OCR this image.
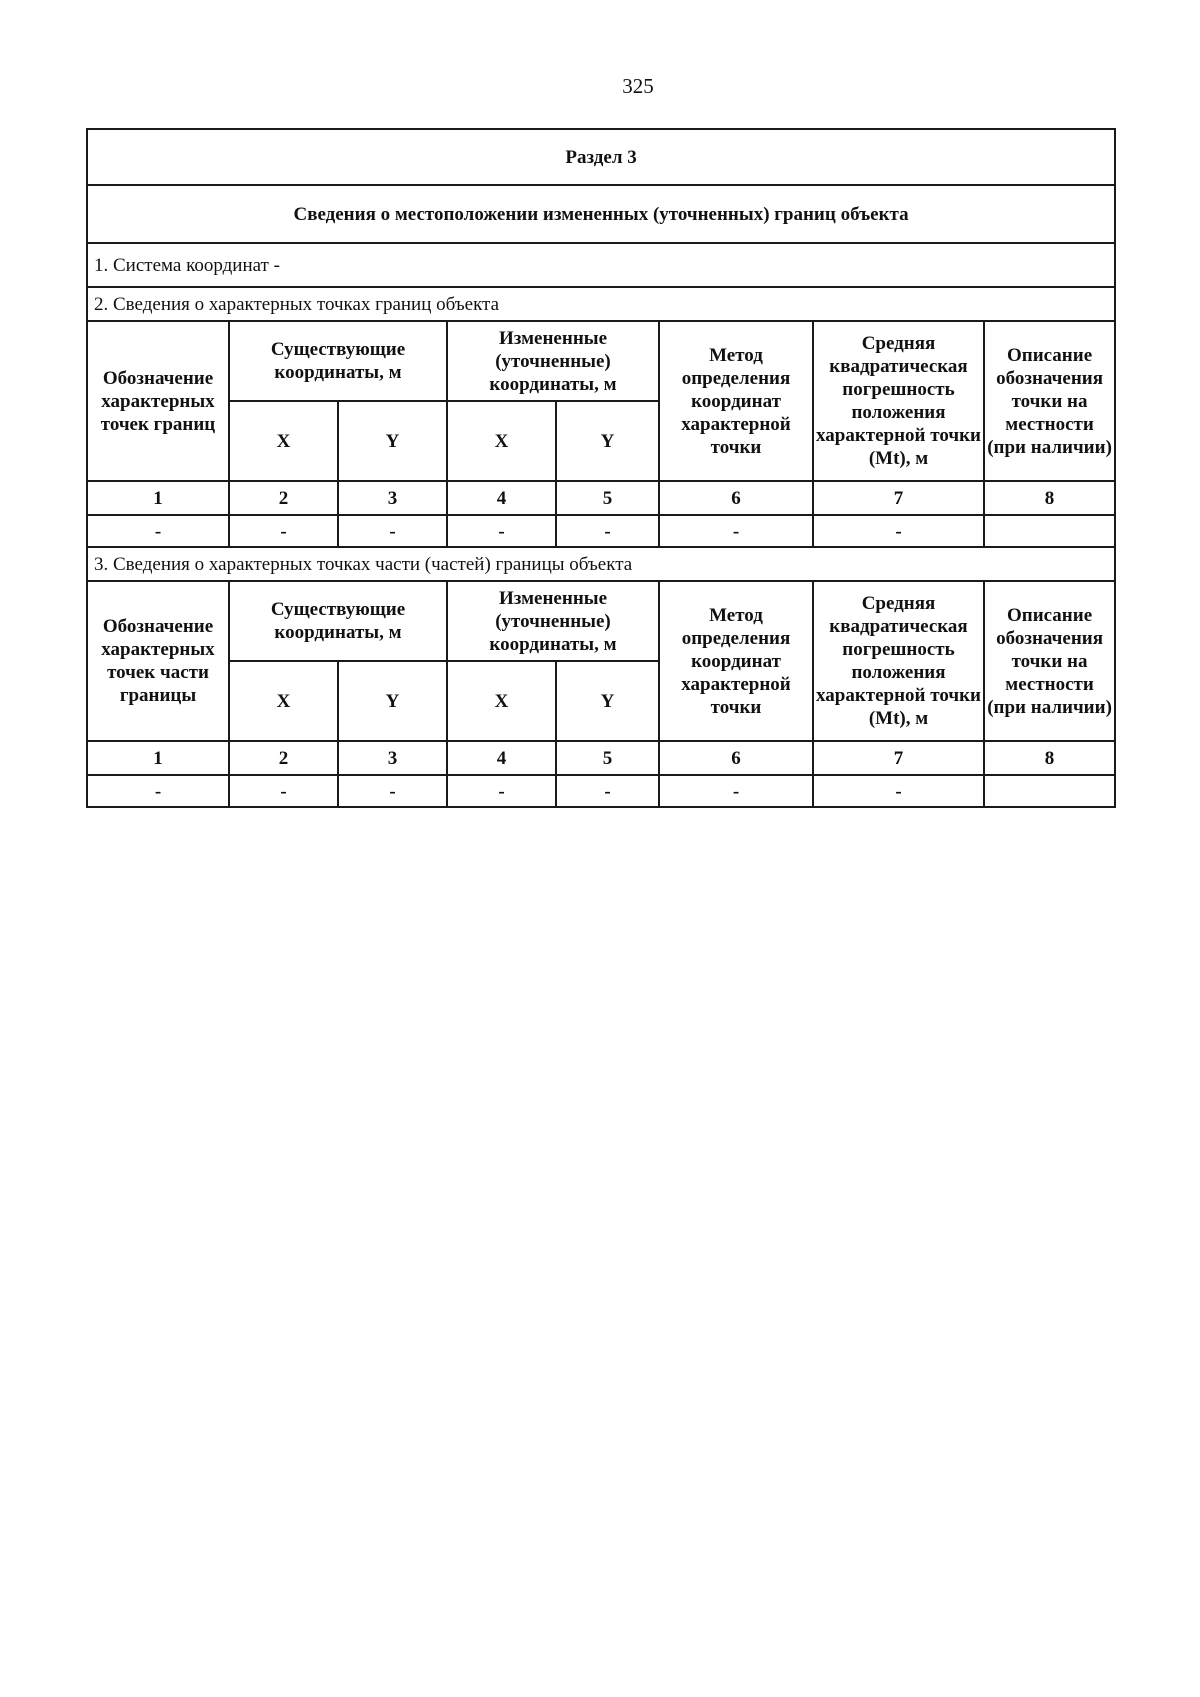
325
Раздел 3							
Сведения о местоположении измененных (уточненных) границ объекта							
1. Система координат -							
2. Сведения о характерных точках границ объекта							
Обозначение характерных точек границ	Существующие координаты, м		Измененные (уточненные) координаты, м		Метод определения координат характерной точки	Средняя квадратическая погрешность положения характерной точки (Mt), м	Описание обозначения точки на местности (при наличии)
	X	Y	X	Y			
1	2	3	4	5	6	7	8
-	-	-	-	-	-	-	
3. Сведения о характерных точках части (частей) границы объекта							
Обозначение характерных точек части границы	Существующие координаты, м		Измененные (уточненные) координаты, м		Метод определения координат характерной точки	Средняя квадратическая погрешность положения характерной точки (Mt), м	Описание обозначения точки на местности (при наличии)
	X	Y	X	Y			
1	2	3	4	5	6	7	8
-	-	-	-	-	-	-	
